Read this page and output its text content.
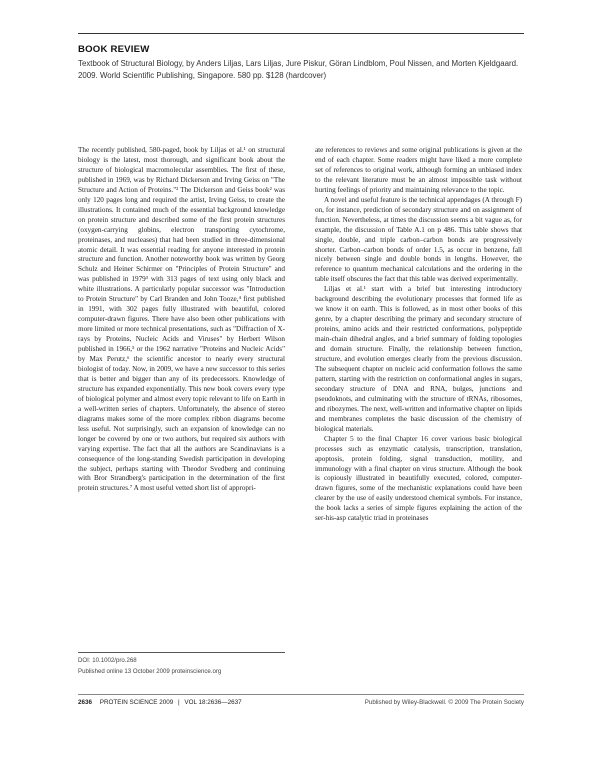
BOOK REVIEW
Textbook of Structural Biology, by Anders Liljas, Lars Liljas, Jure Piskur, Göran Lindblom, Poul Nissen, and Morten Kjeldgaard. 2009. World Scientific Publishing, Singapore. 580 pp. $128 (hardcover)

The recently published, 580-paged, book by Liljas et al.¹ on structural biology is the latest, most thorough, and significant book about the structure of biological macromolecular assemblies. The first of these, published in 1969, was by Richard Dickerson and Irving Geiss on "The Structure and Action of Proteins."² The Dickerson and Geiss book² was only 120 pages long and required the artist, Irving Geiss, to create the illustrations. It contained much of the essential background knowledge on protein structure and described some of the first protein structures (oxygen-carrying globins, electron transporting cytochrome, proteinases, and nucleases) that had been studied in three-dimensional atomic detail. It was essential reading for anyone interested in protein structure and function. Another noteworthy book was written by Georg Schulz and Heiner Schirmer on "Principles of Protein Structure" and was published in 1979³ with 313 pages of text using only black and white illustrations. A particularly popular successor was "Introduction to Protein Structure" by Carl Branden and John Tooze,⁴ first published in 1991, with 302 pages fully illustrated with beautiful, colored computer-drawn figures. There have also been other publications with more limited or more technical presentations, such as "Diffraction of X-rays by Proteins, Nucleic Acids and Viruses" by Herbert Wilson published in 1966,⁵ or the 1962 narrative "Proteins and Nucleic Acids" by Max Perutz,⁶ the scientific ancestor to nearly every structural biologist of today. Now, in 2009, we have a new successor to this series that is better and bigger than any of its predecessors. Knowledge of structure has expanded exponentially. This new book covers every type of biological polymer and almost every topic relevant to life on Earth in a well-written series of chapters. Unfortunately, the absence of stereo diagrams makes some of the more complex ribbon diagrams become less useful. Not surprisingly, such an expansion of knowledge can no longer be covered by one or two authors, but required six authors with varying expertise. The fact that all the authors are Scandinavians is a consequence of the long-standing Swedish participation in developing the subject, perhaps starting with Theodor Svedberg and continuing with Bror Strandberg's participation in the determination of the first protein structures.⁷ A most useful vetted short list of appropri-

ate references to reviews and some original publications is given at the end of each chapter. Some readers might have liked a more complete set of references to original work, although forming an unbiased index to the relevant literature must be an almost impossible task without hurting feelings of priority and maintaining relevance to the topic.

A novel and useful feature is the technical appendages (A through F) on, for instance, prediction of secondary structure and on assignment of function. Nevertheless, at times the discussion seems a bit vague as, for example, the discussion of Table A.1 on p 486. This table shows that single, double, and triple carbon–carbon bonds are progressively shorter. Carbon–carbon bonds of order 1.5, as occur in benzene, fall nicely between single and double bonds in lengths. However, the reference to quantum mechanical calculations and the ordering in the table itself obscures the fact that this table was derived experimentally.

Liljas et al.¹ start with a brief but interesting introductory background describing the evolutionary processes that formed life as we know it on earth. This is followed, as in most other books of this genre, by a chapter describing the primary and secondary structure of proteins, amino acids and their restricted conformations, polypeptide main-chain dihedral angles, and a brief summary of folding topologies and domain structure. Finally, the relationship between function, structure, and evolution emerges clearly from the previous discussion. The subsequent chapter on nucleic acid conformation follows the same pattern, starting with the restriction on conformational angles in sugars, secondary structure of DNA and RNA, bulges, junctions and pseudoknots, and culminating with the structure of tRNAs, ribosomes, and ribozymes. The next, well-written and informative chapter on lipids and membranes completes the basic discussion of the chemistry of biological materials.

Chapter 5 to the final Chapter 16 cover various basic biological processes such as enzymatic catalysis, transcription, translation, apoptosis, protein folding, signal transduction, motility, and immunology with a final chapter on virus structure. Although the book is copiously illustrated in beautifully executed, colored, computer-drawn figures, some of the mechanistic explanations could have been clearer by the use of easily understood chemical symbols. For instance, the book lacks a series of simple figures explaining the action of the ser-his-asp catalytic triad in proteinases

DOI: 10.1002/pro.268
Published online 13 October 2009 proteinscience.org
2636 PROTEIN SCIENCE 2009 | VOL 18:2636—2637	Published by Wiley-Blackwell. © 2009 The Protein Society
